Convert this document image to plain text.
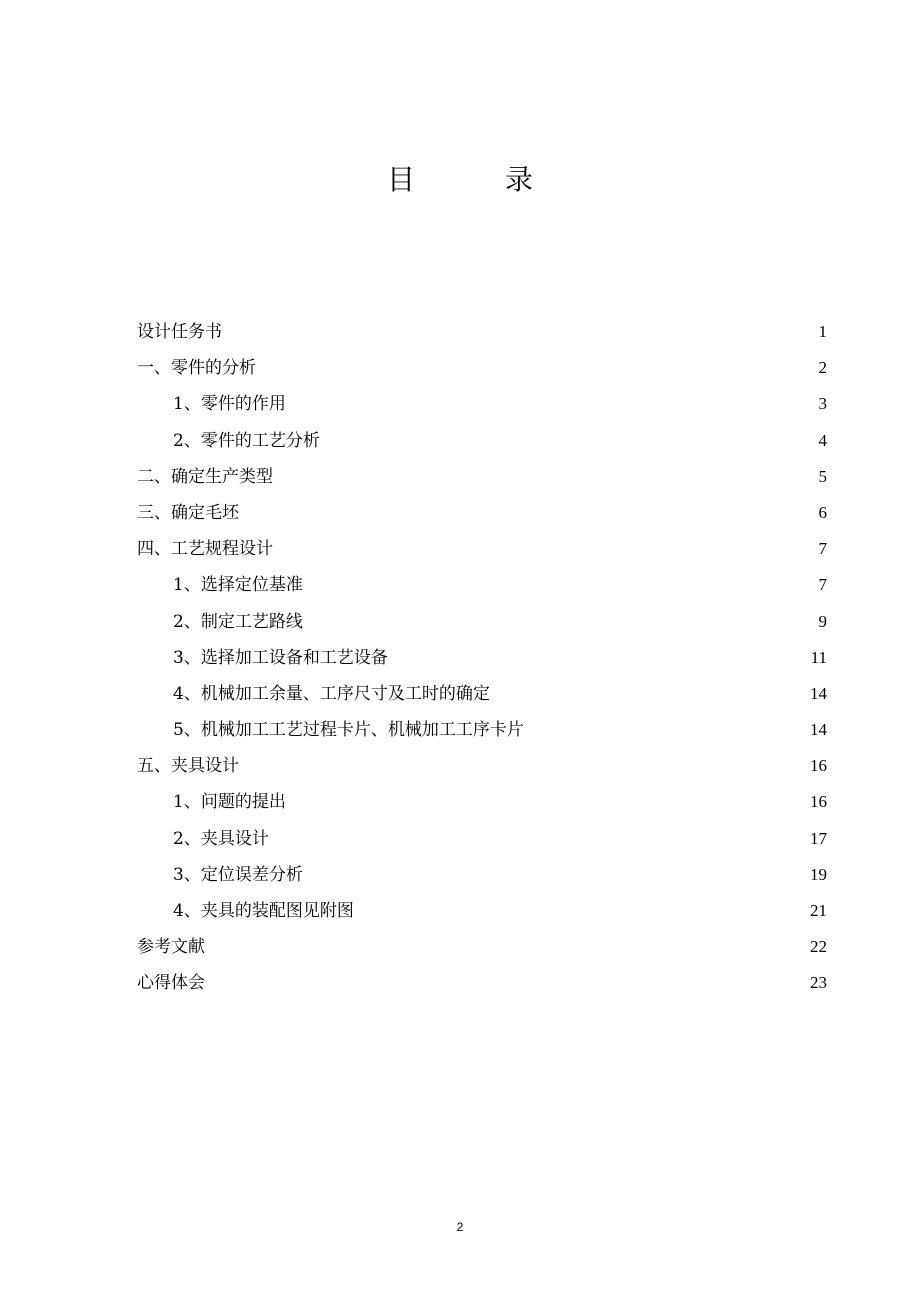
目录
设计任务书	1
一、零件的分析	2
1、零件的作用	3
2、零件的工艺分析	4
二、确定生产类型	5
三、确定毛坯	6
四、工艺规程设计	7
1、选择定位基准	7
2、制定工艺路线	9
3、选择加工设备和工艺设备	11
4、机械加工余量、工序尺寸及工时的确定	14
5、机械加工工艺过程卡片、机械加工工序卡片	14
五、夹具设计	16
1、问题的提出	16
2、夹具设计	17
3、定位误差分析	19
4、夹具的装配图见附图	21
参考文献	22
心得体会	23
2
